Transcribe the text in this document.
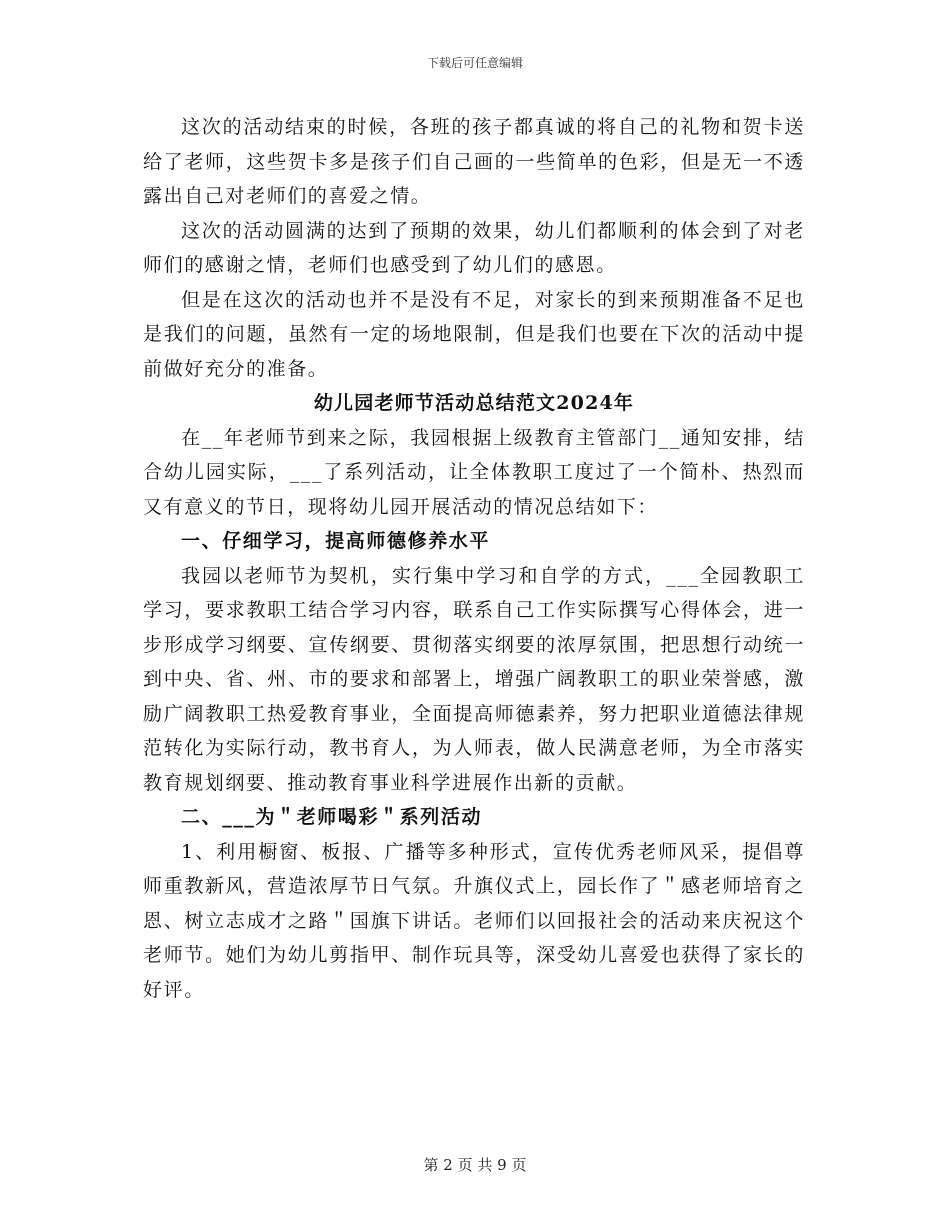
下载后可任意编辑

这次的活动结束的时候，各班的孩子都真诚的将自己的礼物和贺卡送给了老师，这些贺卡多是孩子们自己画的一些简单的色彩，但是无一不透露出自己对老师们的喜爱之情。

这次的活动圆满的达到了预期的效果，幼儿们都顺利的体会到了对老师们的感谢之情，老师们也感受到了幼儿们的感恩。

但是在这次的活动也并不是没有不足，对家长的到来预期准备不足也是我们的问题，虽然有一定的场地限制，但是我们也要在下次的活动中提前做好充分的准备。

幼儿园老师节活动总结范文2024年

在__年老师节到来之际，我园根据上级教育主管部门__通知安排，结合幼儿园实际，___了系列活动，让全体教职工度过了一个简朴、热烈而又有意义的节日，现将幼儿园开展活动的情况总结如下：

一、仔细学习，提高师德修养水平

我园以老师节为契机，实行集中学习和自学的方式，___全园教职工学习，要求教职工结合学习内容，联系自己工作实际撰写心得体会，进一步形成学习纲要、宣传纲要、贯彻落实纲要的浓厚氛围，把思想行动统一到中央、省、州、市的要求和部署上，增强广阔教职工的职业荣誉感，激励广阔教职工热爱教育事业，全面提高师德素养，努力把职业道德法律规范转化为实际行动，教书育人，为人师表，做人民满意老师，为全市落实教育规划纲要、推动教育事业科学进展作出新的贡献。

二、___为＂老师喝彩＂系列活动

1、利用橱窗、板报、广播等多种形式，宣传优秀老师风采，提倡尊师重教新风，营造浓厚节日气氛。升旗仪式上，园长作了＂感老师培育之恩、树立志成才之路＂国旗下讲话。老师们以回报社会的活动来庆祝这个老师节。她们为幼儿剪指甲、制作玩具等，深受幼儿喜爱也获得了家长的好评。

第 2 页 共 9 页
